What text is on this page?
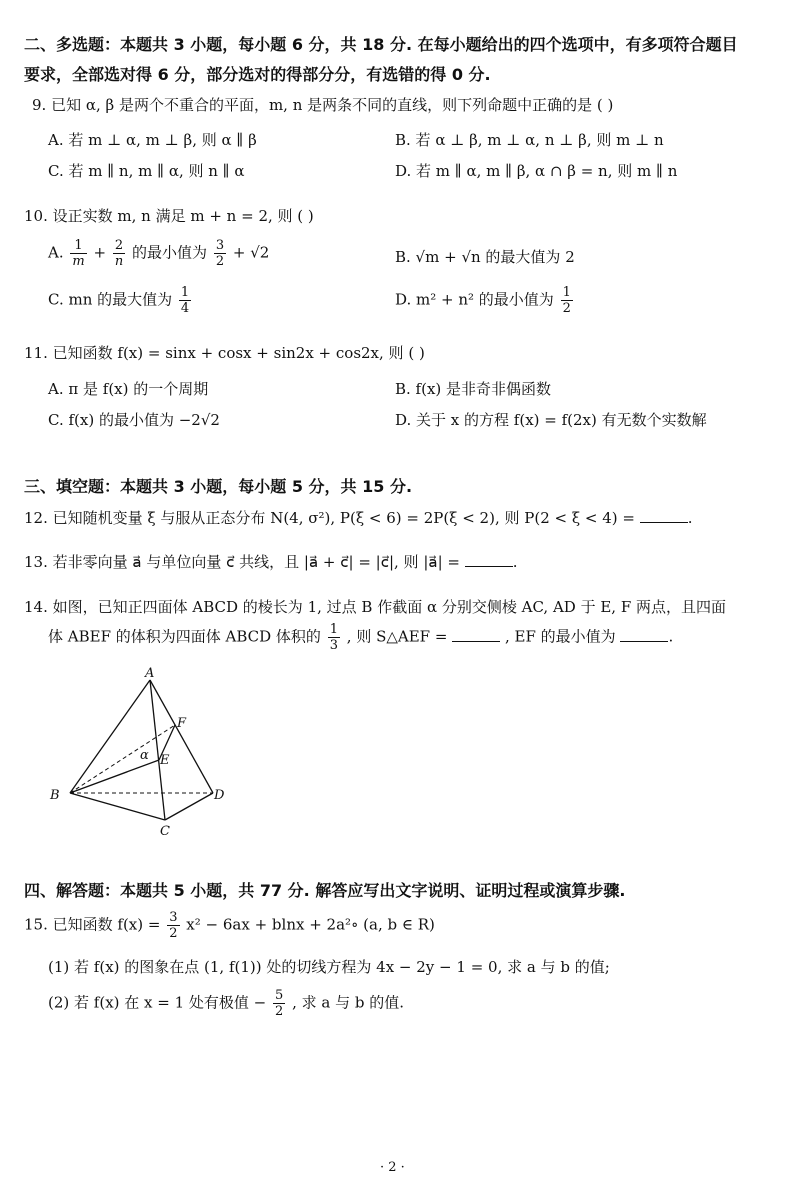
二、多选题：本题共 3 小题，每小题 6 分，共 18 分. 在每小题给出的四个选项中，有多项符合题目
要求，全部选对得 6 分，部分选对的得部分分，有选错的得 0 分.
9. 已知 α, β 是两个不重合的平面，m, n 是两条不同的直线，则下列命题中正确的是 ( )
A. 若 m ⊥ α, m ⊥ β, 则 α ∥ β	B. 若 α ⊥ β, m ⊥ α, n ⊥ β, 则 m ⊥ n
C. 若 m ∥ n, m ∥ α, 则 n ∥ α	D. 若 m ∥ α, m ∥ β, α ∩ β = n, 则 m ∥ n
10. 设正实数 m, n 满足 m + n = 2, 则 ( )
A. $\frac{1}{m} + \frac{2}{n}$ 的最小值为 $\frac{3}{2} + √2$	B. √m + √n 的最大值为 2
C. mn 的最大值为 $\frac{1}{4}$	D. m² + n² 的最小值为 $\frac{1}{2}$
11. 已知函数 f(x) = sinx + cosx + sin2x + cos2x, 则 ( )
A. π 是 f(x) 的一个周期	B. f(x) 是非奇非偶函数
C. f(x) 的最小值为 −2√2	D. 关于 x 的方程 f(x) = f(2x) 有无数个实数解
三、填空题：本题共 3 小题，每小题 5 分，共 15 分.
12. 已知随机变量 ξ 与服从正态分布 N(4, σ²), P(ξ < 6) = 2P(ξ < 2), 则 P(2 < ξ < 4) =	.
13. 若非零向量 a⃗ 与单位向量 c⃗ 共线，且 |a⃗ + c⃗| = |c⃗|, 则 |a⃗| =	.
14. 如图，已知正四面体 ABCD 的棱长为 1, 过点 B 作截面 α 分别交侧棱 AC, AD 于 E, F 两点，且四面
体 ABEF 的体积为四面体 ABCD 体积的 $\frac{1}{3}$ , 则 S△AEF =	, EF 的最小值为	.
A
B
C
D
E
F
α
四、解答题：本题共 5 小题，共 77 分. 解答应写出文字说明、证明过程或演算步骤.
15. 已知函数 $f(x) = \frac{3}{2} x^2 - 6ax + blnx$ + 2a²∘ (a, b ∈ R)
(1) 若 f(x) 的图象在点 (1, f(1)) 处的切线方程为 4x − 2y − 1 = 0, 求 a 与 b 的值;
(2) 若 f(x) 在 x = 1 处有极值 − $\frac{5}{2}$ , 求 a 与 b 的值.
· 2 ·
